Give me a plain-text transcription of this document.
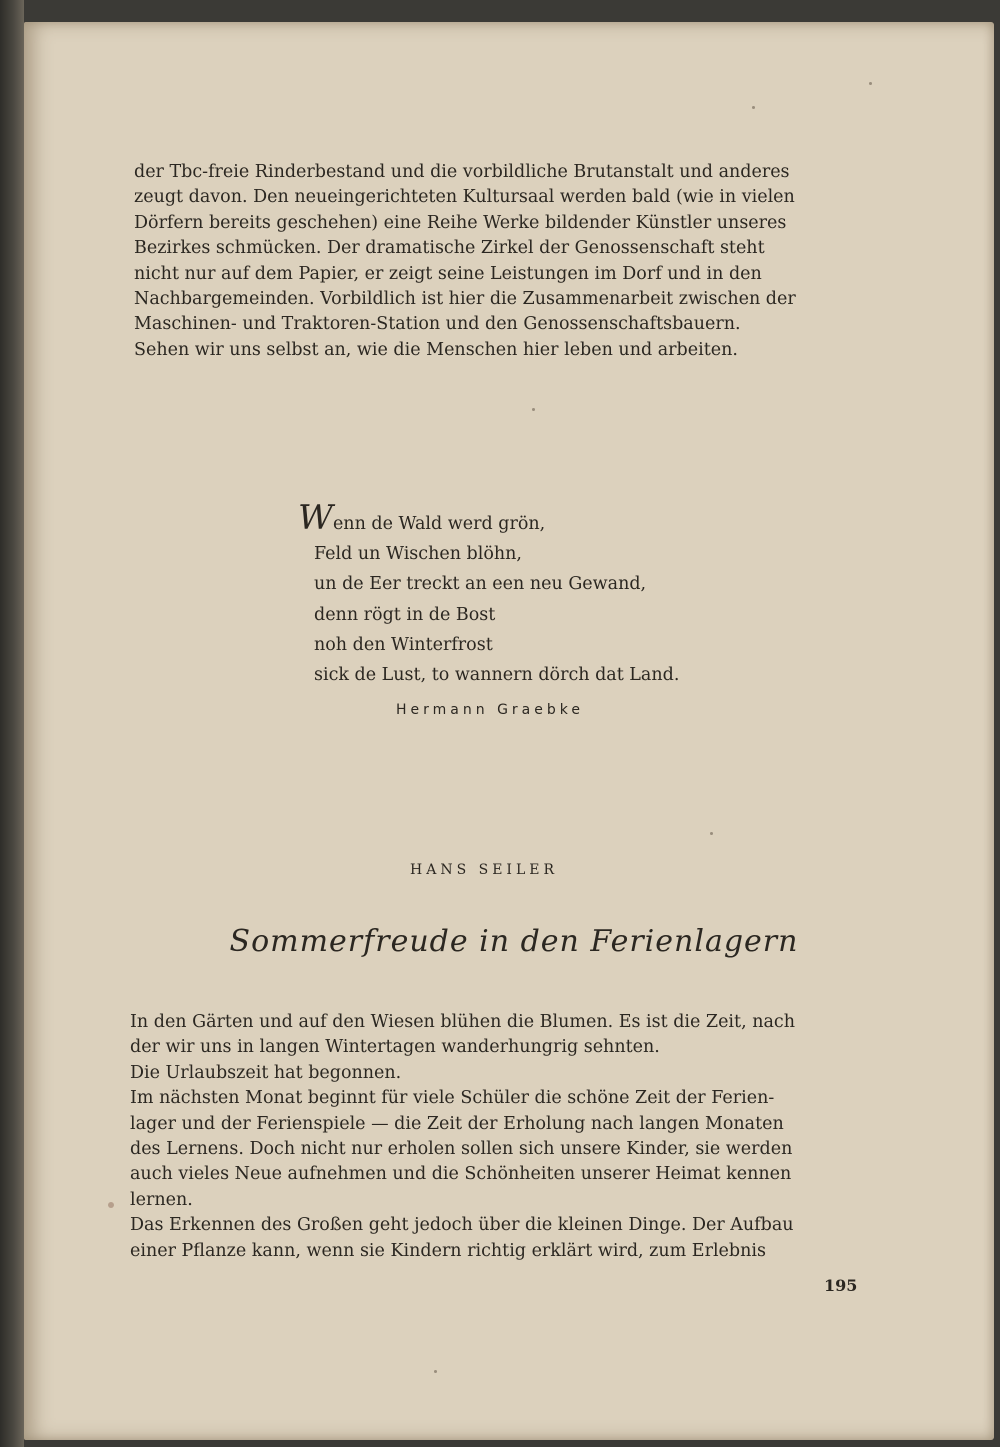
der Tbc-freie Rinderbestand und die vorbildliche Brutanstalt und anderes

zeugt davon. Den neueingerichteten Kultursaal werden bald (wie in vielen

Dörfern bereits geschehen) eine Reihe Werke bildender Künstler unseres

Bezirkes schmücken. Der dramatische Zirkel der Genossenschaft steht

nicht nur auf dem Papier, er zeigt seine Leistungen im Dorf und in den

Nachbargemeinden. Vorbildlich ist hier die Zusammenarbeit zwischen der

Maschinen- und Traktoren-Station und den Genossenschaftsbauern.

Sehen wir uns selbst an, wie die Menschen hier leben und arbeiten.

Wenn de Wald werd grön,

Feld un Wischen blöhn,

un de Eer treckt an een neu Gewand,

denn rögt in de Bost

noh den Winterfrost

sick de Lust, to wannern dörch dat Land.

Hermann Graebke
HANS SEILER
Sommerfreude in den Ferienlagern

In den Gärten und auf den Wiesen blühen die Blumen. Es ist die Zeit, nach

der wir uns in langen Wintertagen wanderhungrig sehnten.

Die Urlaubszeit hat begonnen.

Im nächsten Monat beginnt für viele Schüler die schöne Zeit der Ferien-

lager und der Ferienspiele — die Zeit der Erholung nach langen Monaten

des Lernens. Doch nicht nur erholen sollen sich unsere Kinder, sie werden

auch vieles Neue aufnehmen und die Schönheiten unserer Heimat kennen

lernen.

Das Erkennen des Großen geht jedoch über die kleinen Dinge. Der Aufbau

einer Pflanze kann, wenn sie Kindern richtig erklärt wird, zum Erlebnis

195
